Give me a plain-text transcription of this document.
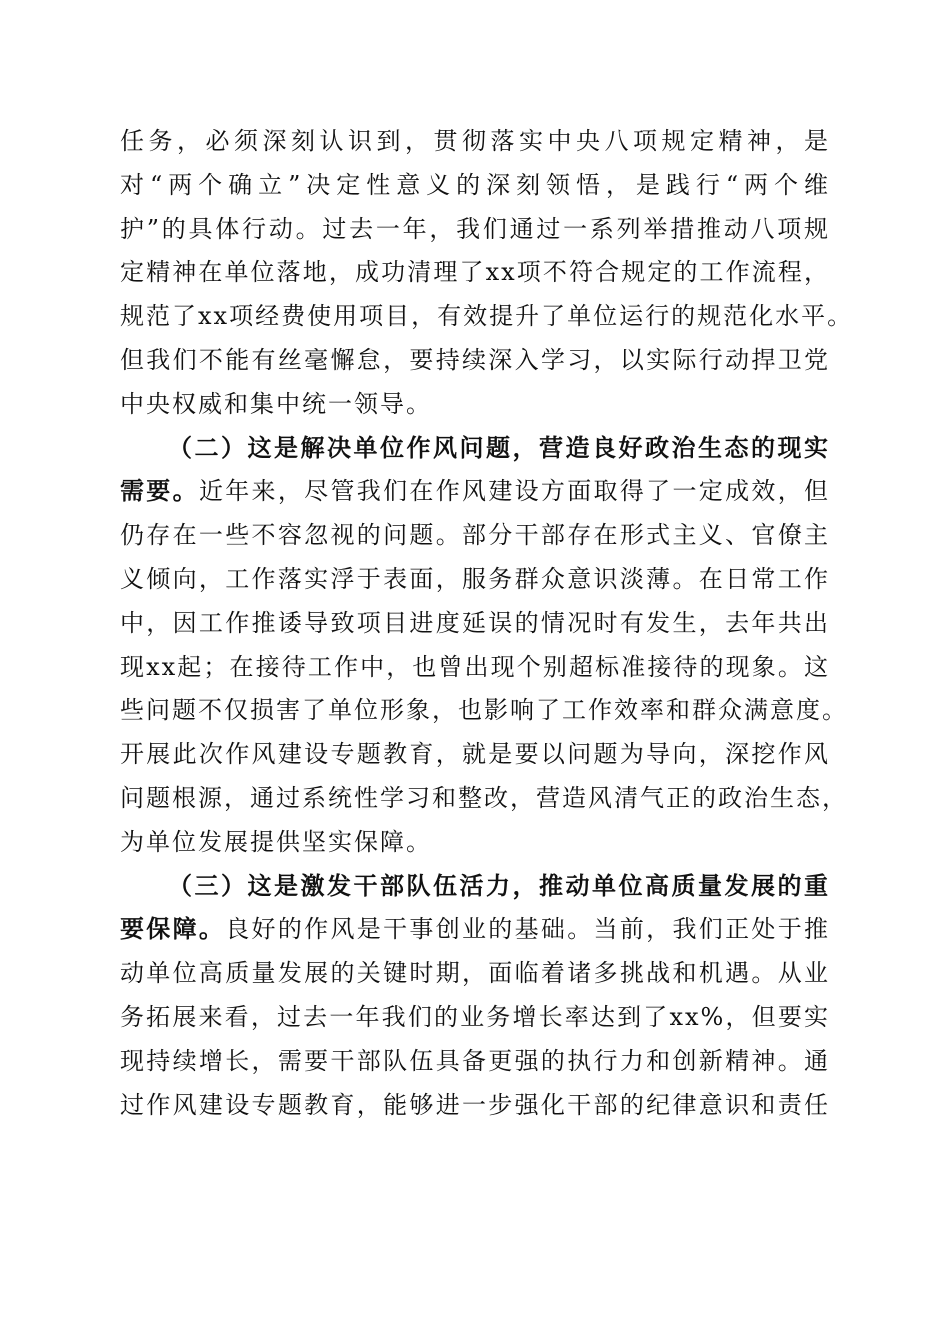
任务，必须深刻认识到，贯彻落实中央八项规定精神，是
对“两个确立”决定性意义的深刻领悟，是践行“两个维
护”的具体行动。过去一年，我们通过一系列举措推动八项规
定精神在单位落地，成功清理了xx项不符合规定的工作流程，
规范了xx项经费使用项目，有效提升了单位运行的规范化水平。
但我们不能有丝毫懈怠，要持续深入学习，以实际行动捍卫党
中央权威和集中统一领导。
（二）这是解决单位作风问题，营造良好政治生态的现实
需要。近年来，尽管我们在作风建设方面取得了一定成效，但
仍存在一些不容忽视的问题。部分干部存在形式主义、官僚主
义倾向，工作落实浮于表面，服务群众意识淡薄。在日常工作
中，因工作推诿导致项目进度延误的情况时有发生，去年共出
现xx起；在接待工作中，也曾出现个别超标准接待的现象。这
些问题不仅损害了单位形象，也影响了工作效率和群众满意度。
开展此次作风建设专题教育，就是要以问题为导向，深挖作风
问题根源，通过系统性学习和整改，营造风清气正的政治生态，
为单位发展提供坚实保障。
（三）这是激发干部队伍活力，推动单位高质量发展的重
要保障。良好的作风是干事创业的基础。当前，我们正处于推
动单位高质量发展的关键时期，面临着诸多挑战和机遇。从业
务拓展来看，过去一年我们的业务增长率达到了xx%，但要实
现持续增长，需要干部队伍具备更强的执行力和创新精神。通
过作风建设专题教育，能够进一步强化干部的纪律意识和责任
